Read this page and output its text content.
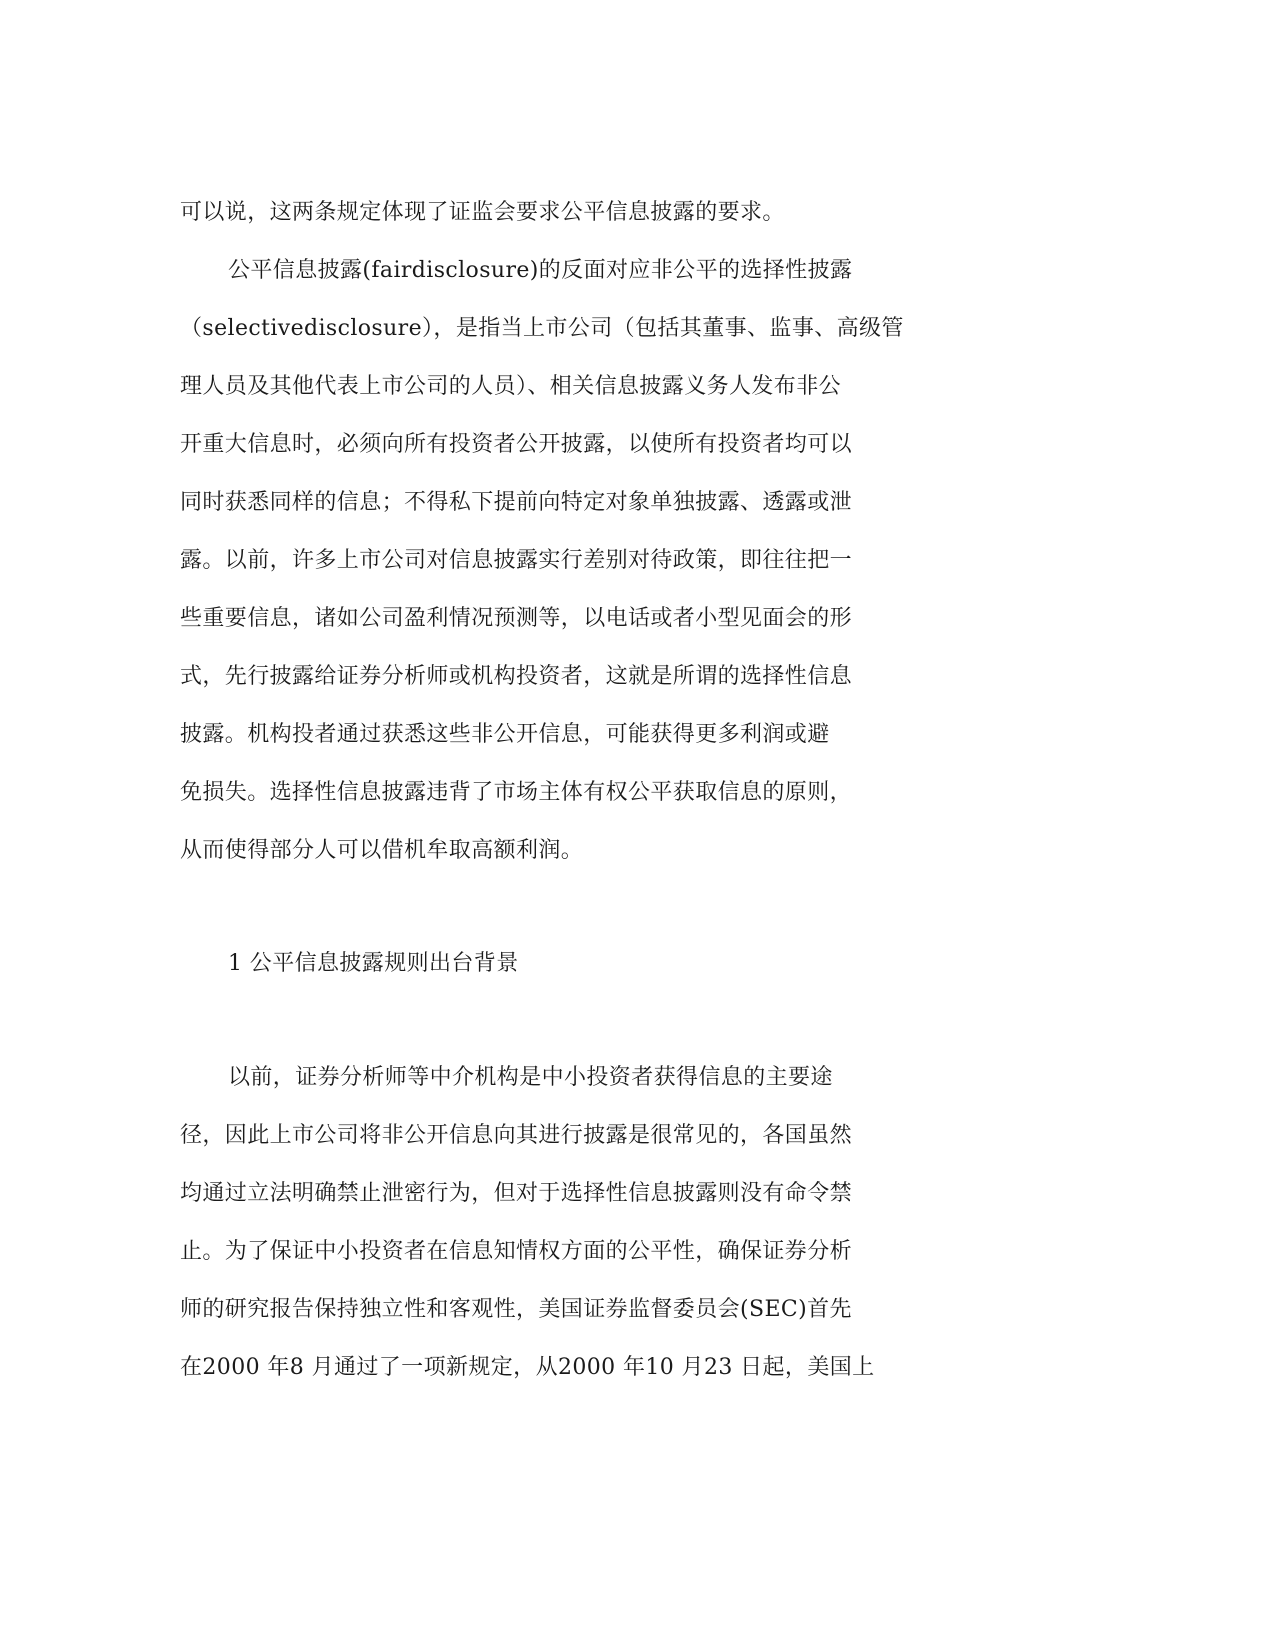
可以说，这两条规定体现了证监会要求公平信息披露的要求。

公平信息披露(fairdisclosure)的反面对应非公平的选择性披露

（selectivedisclosure），是指当上市公司（包括其董事、监事、高级管

理人员及其他代表上市公司的人员）、相关信息披露义务人发布非公

开重大信息时，必须向所有投资者公开披露，以使所有投资者均可以

同时获悉同样的信息；不得私下提前向特定对象单独披露、透露或泄

露。以前，许多上市公司对信息披露实行差别对待政策，即往往把一

些重要信息，诸如公司盈利情况预测等，以电话或者小型见面会的形

式，先行披露给证券分析师或机构投资者，这就是所谓的选择性信息

披露。机构投者通过获悉这些非公开信息，可能获得更多利润或避

免损失。选择性信息披露违背了市场主体有权公平获取信息的原则，

从而使得部分人可以借机牟取高额利润。

1 公平信息披露规则出台背景

以前，证券分析师等中介机构是中小投资者获得信息的主要途

径，因此上市公司将非公开信息向其进行披露是很常见的，各国虽然

均通过立法明确禁止泄密行为，但对于选择性信息披露则没有命令禁

止。为了保证中小投资者在信息知情权方面的公平性，确保证券分析

师的研究报告保持独立性和客观性，美国证券监督委员会(SEC)首先

在2000 年8 月通过了一项新规定，从2000 年10 月23 日起，美国上
